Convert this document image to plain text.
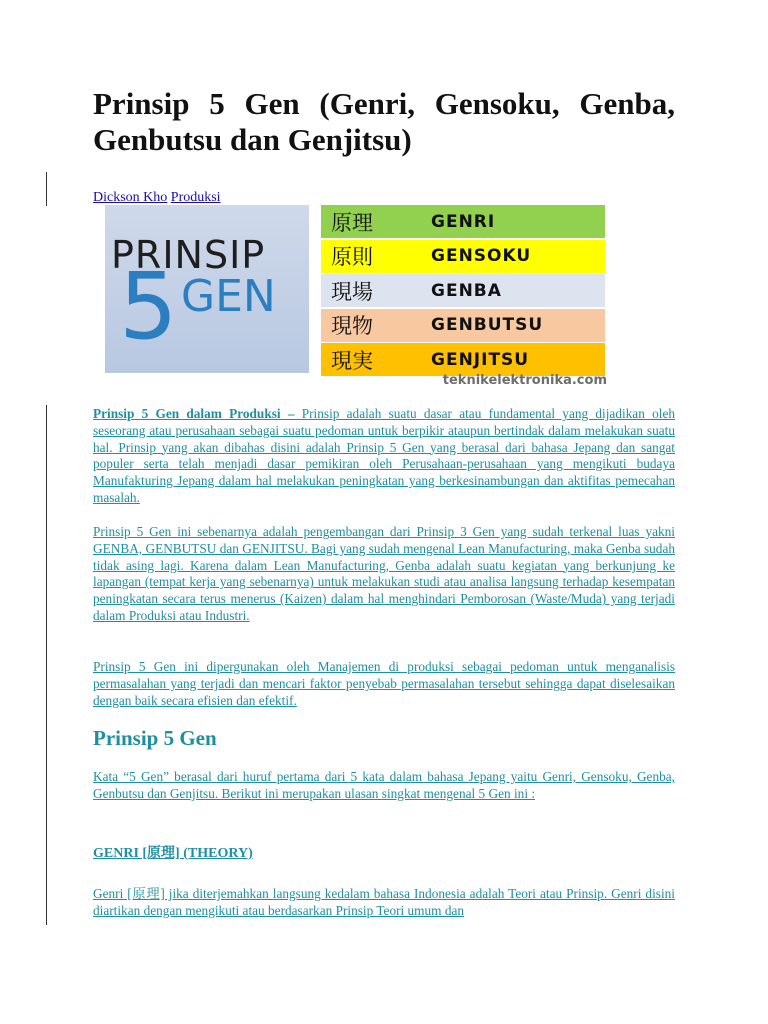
Prinsip 5 Gen (Genri, Gensoku, Genba, Genbutsu dan Genjitsu)
Dickson Kho Produksi
PRINSIP
5 GEN
原理	GENRI
原則	GENSOKU
現場	GENBA
現物	GENBUTSU
現実	GENJITSU
teknikelektronika.com

Prinsip 5 Gen dalam Produksi – Prinsip adalah suatu dasar atau fundamental yang dijadikan oleh seseorang atau perusahaan sebagai suatu pedoman untuk berpikir ataupun bertindak dalam melakukan suatu hal. Prinsip yang akan dibahas disini adalah Prinsip 5 Gen yang berasal dari bahasa Jepang dan sangat populer serta telah menjadi dasar pemikiran oleh Perusahaan-perusahaan yang mengikuti budaya Manufakturing Jepang dalam hal melakukan peningkatan yang berkesinambungan dan aktifitas pemecahan masalah.

Prinsip 5 Gen ini sebenarnya adalah pengembangan dari Prinsip 3 Gen yang sudah terkenal luas yakni GENBA, GENBUTSU dan GENJITSU. Bagi yang sudah mengenal Lean Manufacturing, maka Genba sudah tidak asing lagi. Karena dalam Lean Manufacturing, Genba adalah suatu kegiatan yang berkunjung ke lapangan (tempat kerja yang sebenarnya) untuk melakukan studi atau analisa langsung terhadap kesempatan peningkatan secara terus menerus (Kaizen) dalam hal menghindari Pemborosan (Waste/Muda) yang terjadi dalam Produksi atau Industri.

Prinsip 5 Gen ini dipergunakan oleh Manajemen di produksi sebagai pedoman untuk menganalisis permasalahan yang terjadi dan mencari faktor penyebab permasalahan tersebut sehingga dapat diselesaikan dengan baik secara efisien dan efektif.

Prinsip 5 Gen

Kata “5 Gen” berasal dari huruf pertama dari 5 kata dalam bahasa Jepang yaitu Genri, Gensoku, Genba, Genbutsu dan Genjitsu. Berikut ini merupakan ulasan singkat mengenal 5 Gen ini :

GENRI [原理] (THEORY)

Genri [原理] jika diterjemahkan langsung kedalam bahasa Indonesia adalah Teori atau Prinsip. Genri disini diartikan dengan mengikuti atau berdasarkan Prinsip Teori umum dan
